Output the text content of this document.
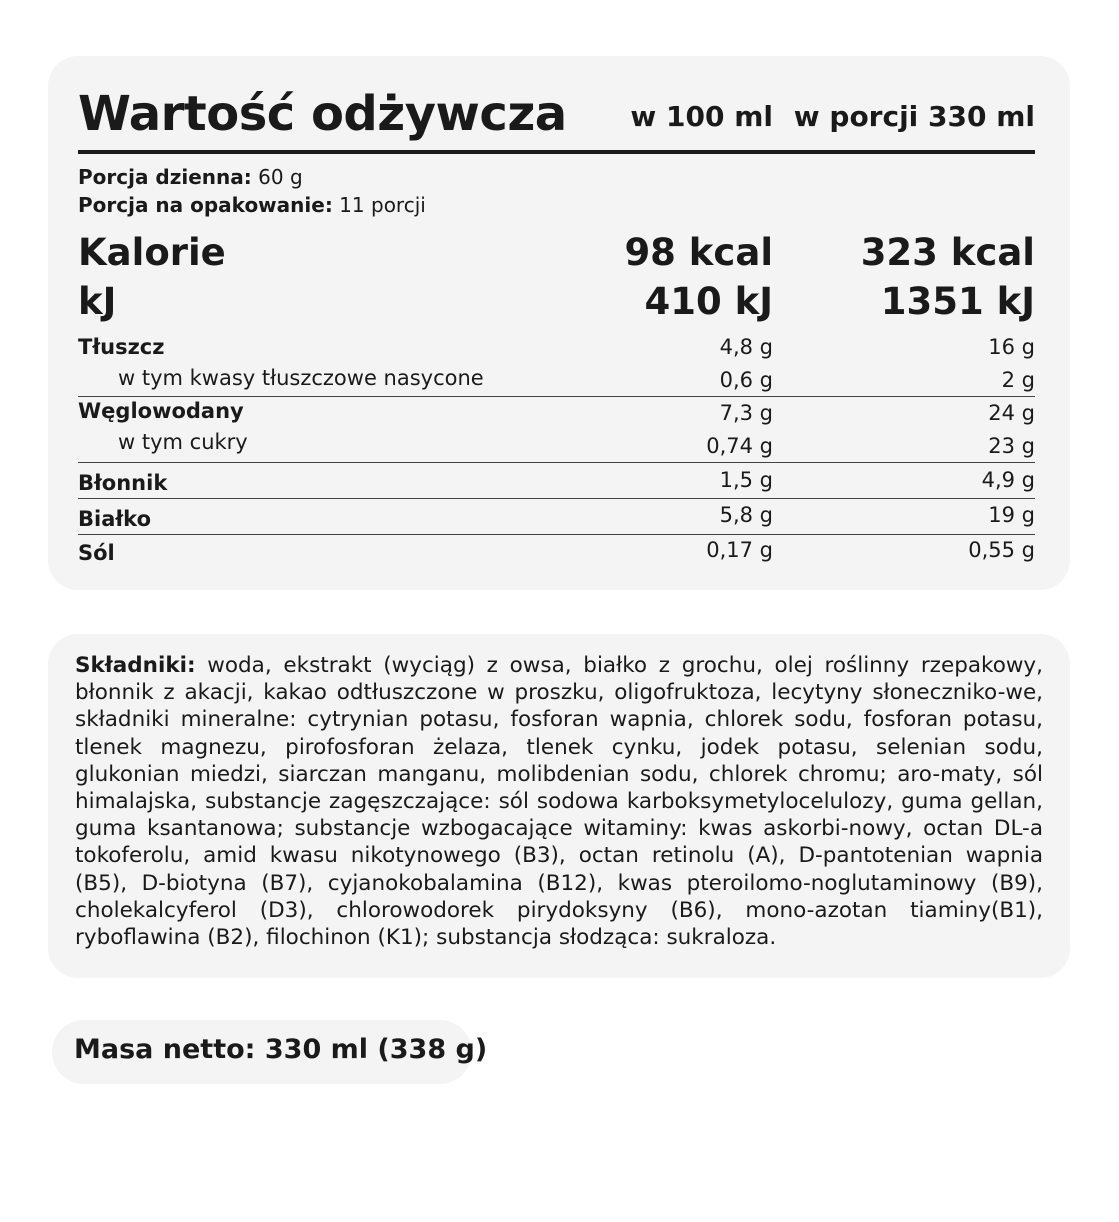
Wartość odżywcza w 100 ml w porcji 330 ml
Porcja dzienna: 60 g
Porcja na opakowanie: 11 porcji
Kalorie	98 kcal 323 kcal
kJ	410 kJ	1351 kJ
Tłuszcz	4,8 g	16 g
w tym kwasy tłuszczowe nasycone	0,6 g	2 g
Węglowodany	7,3 g	24 g
w tym cukry	0,74 g	23 g
Błonnik	1,5 g	4,9 g
Białko	5,8 g	19 g
Sól	0,17 g	0,55 g
Składniki: woda, ekstrakt (wyciąg) z owsa, białko z grochu, olej roślinny rzepakowy, błonnik z akacji, kakao odtłuszczone w proszku, oligofruktoza, lecytyny słoneczniko-we, składniki mineralne: cytrynian potasu, fosforan wapnia, chlorek sodu, fosforan potasu, tlenek magnezu, pirofosforan żelaza, tlenek cynku, jodek potasu, selenian sodu, glukonian miedzi, siarczan manganu, molibdenian sodu, chlorek chromu; aro-maty, sól himalajska, substancje zagęszczające: sól sodowa karboksymetylocelulozy, guma gellan, guma ksantanowa; substancje wzbogacające witaminy: kwas askorbi-nowy, octan DL-a tokoferolu, amid kwasu nikotynowego (B3), octan retinolu (A), D-pantotenian wapnia (B5), D-biotyna (B7), cyjanokobalamina (B12), kwas pteroilomo-noglutaminowy (B9), cholekalcyferol (D3), chlorowodorek pirydoksyny (B6), mono-azotan tiaminy(B1), ryboflawina (B2), filochinon (K1); substancja słodząca: sukraloza.
Masa netto: 330 ml (338 g)
